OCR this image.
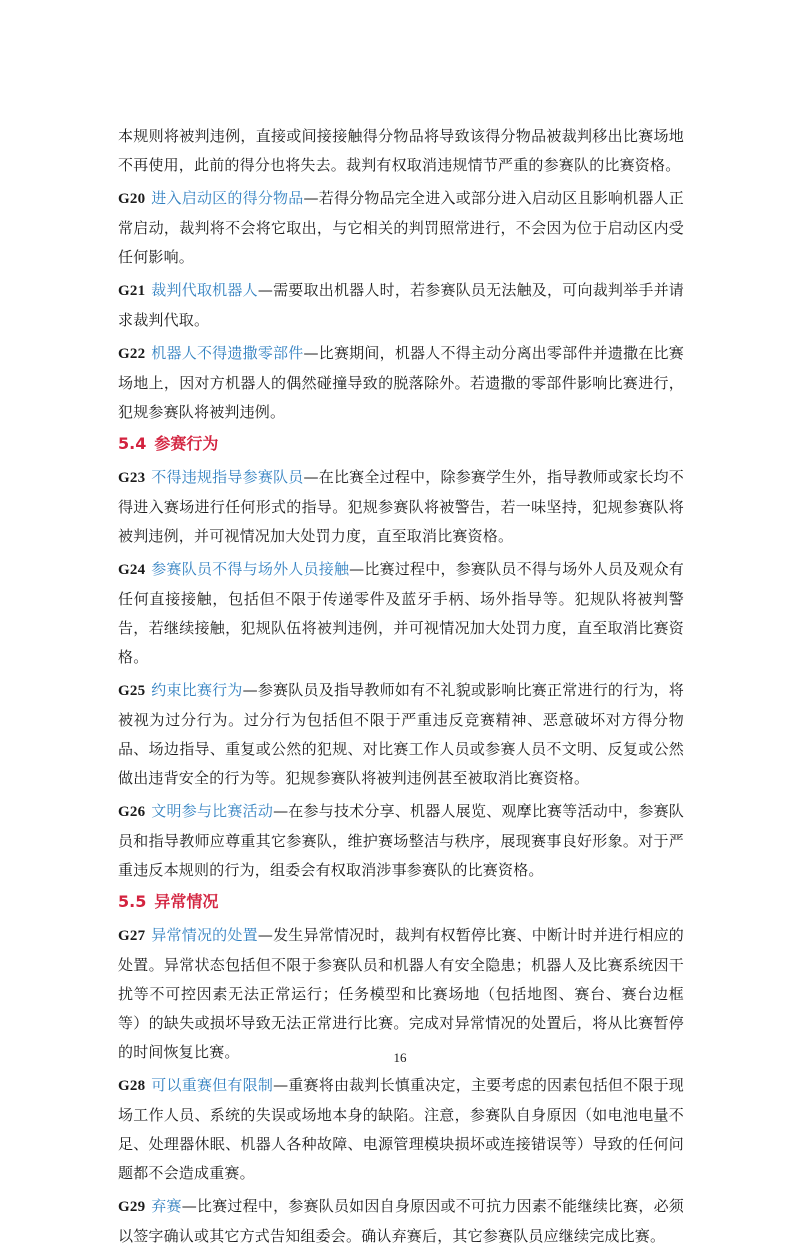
本规则将被判违例，直接或间接接触得分物品将导致该得分物品被裁判移出比赛场地不再使用，此前的得分也将失去。裁判有权取消违规情节严重的参赛队的比赛资格。

G20 进入启动区的得分物品—若得分物品完全进入或部分进入启动区且影响机器人正常启动，裁判将不会将它取出，与它相关的判罚照常进行，不会因为位于启动区内受任何影响。

G21 裁判代取机器人—需要取出机器人时，若参赛队员无法触及，可向裁判举手并请求裁判代取。

G22 机器人不得遗撒零部件—比赛期间，机器人不得主动分离出零部件并遗撒在比赛场地上，因对方机器人的偶然碰撞导致的脱落除外。若遗撒的零部件影响比赛进行，犯规参赛队将被判违例。

5.4 参赛行为

G23 不得违规指导参赛队员—在比赛全过程中，除参赛学生外，指导教师或家长均不得进入赛场进行任何形式的指导。犯规参赛队将被警告，若一味坚持，犯规参赛队将被判违例，并可视情况加大处罚力度，直至取消比赛资格。

G24 参赛队员不得与场外人员接触—比赛过程中，参赛队员不得与场外人员及观众有任何直接接触，包括但不限于传递零件及蓝牙手柄、场外指导等。犯规队将被判警告，若继续接触，犯规队伍将被判违例，并可视情况加大处罚力度，直至取消比赛资格。

G25 约束比赛行为—参赛队员及指导教师如有不礼貌或影响比赛正常进行的行为，将被视为过分行为。过分行为包括但不限于严重违反竞赛精神、恶意破坏对方得分物品、场边指导、重复或公然的犯规、对比赛工作人员或参赛人员不文明、反复或公然做出违背安全的行为等。犯规参赛队将被判违例甚至被取消比赛资格。

G26 文明参与比赛活动—在参与技术分享、机器人展览、观摩比赛等活动中，参赛队员和指导教师应尊重其它参赛队，维护赛场整洁与秩序，展现赛事良好形象。对于严重违反本规则的行为，组委会有权取消涉事参赛队的比赛资格。

5.5 异常情况

G27 异常情况的处置—发生异常情况时，裁判有权暂停比赛、中断计时并进行相应的处置。异常状态包括但不限于参赛队员和机器人有安全隐患；机器人及比赛系统因干扰等不可控因素无法正常运行；任务模型和比赛场地（包括地图、赛台、赛台边框等）的缺失或损坏导致无法正常进行比赛。完成对异常情况的处置后，将从比赛暂停的时间恢复比赛。

G28 可以重赛但有限制—重赛将由裁判长慎重决定，主要考虑的因素包括但不限于现场工作人员、系统的失误或场地本身的缺陷。注意，参赛队自身原因（如电池电量不足、处理器休眠、机器人各种故障、电源管理模块损坏或连接错误等）导致的任何问题都不会造成重赛。

G29 弃赛—比赛过程中，参赛队员如因自身原因或不可抗力因素不能继续比赛，必须以签字确认或其它方式告知组委会。确认弃赛后，其它参赛队员应继续完成比赛。

16
